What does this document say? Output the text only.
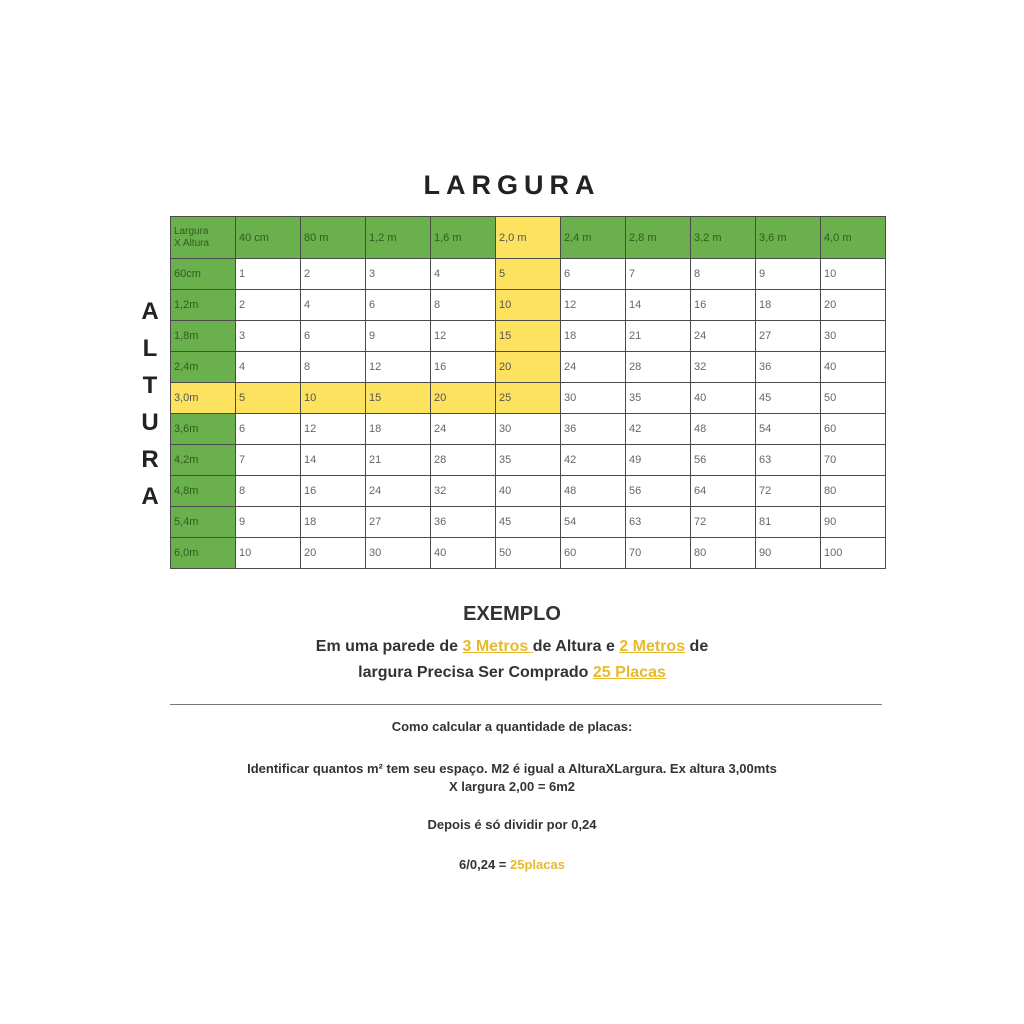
LARGURA
A
L
T
U
R
A
Largura
X Altura	40 cm	80 m	1,2 m	1,6 m	2,0 m	2,4 m	2,8 m	3,2 m	3,6 m	4,0 m
60cm	1	2	3	4	5	6	7	8	9	10
1,2m	2	4	6	8	10	12	14	16	18	20
1,8m	3	6	9	12	15	18	21	24	27	30
2,4m	4	8	12	16	20	24	28	32	36	40
3,0m	5	10	15	20	25	30	35	40	45	50
3,6m	6	12	18	24	30	36	42	48	54	60
4,2m	7	14	21	28	35	42	49	56	63	70
4,8m	8	16	24	32	40	48	56	64	72	80
5,4m	9	18	27	36	45	54	63	72	81	90
6,0m	10	20	30	40	50	60	70	80	90	100
EXEMPLO
Em uma parede de 3 Metros de Altura e 2 Metros de
largura Precisa Ser Comprado 25 Placas

Como calcular a quantidade de placas:

Identificar quantos m² tem seu espaço. M2 é igual a AlturaXLargura. Ex altura 3,00mts

X largura 2,00 = 6m2

Depois é só dividir por 0,24

6/0,24 = 25placas
